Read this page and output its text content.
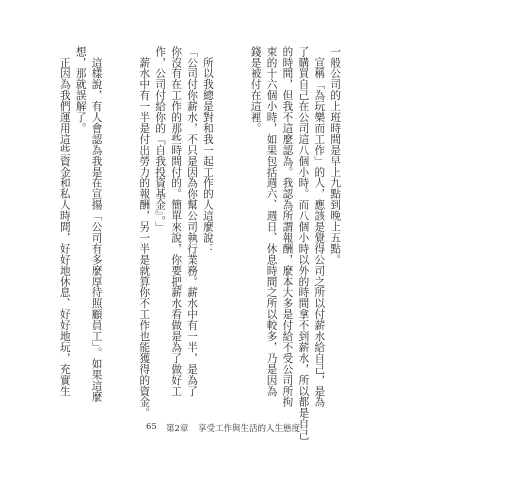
一般公司的上班時間是早上九點到晚上五點。
　宣稱「為玩樂而工作」的人，應該是覺得公司之所以付薪水給自己，是為
了購買自己在公司這八個小時。而八個小時以外的時間拿不到薪水，所以都是自己
的時間，但我不這麼認為。我認為所謂報酬，麼本大多是付給不受公司所拘
束的十六個小時，如果包括週六、週日、休息時間之所以較多，乃是因為
錢是被付在這裡。

　所以我總是對和我一起工作的人這麼說：
「公司付你薪水，不只是因為你幫公司執行業務。薪水中有一半，是為了
你沒有在工作的那些時間付的。簡單來說，你要把薪水看做是為了做好工
作，公司付給你的『自我投資基金』。」
　薪水中有一半是付出勞力的報酬，另一半是就算你不工作也能獲得的資金。

　這樣說，有人會認為我是在宣揚「公司有多麼厚待照顧員工」。如果這麼
想，那就誤解了。
　正因為我們運用這些資金和私人時間，好好地休息、好好地玩，充實生

65 第2章 享受工作與生活的人生態度
